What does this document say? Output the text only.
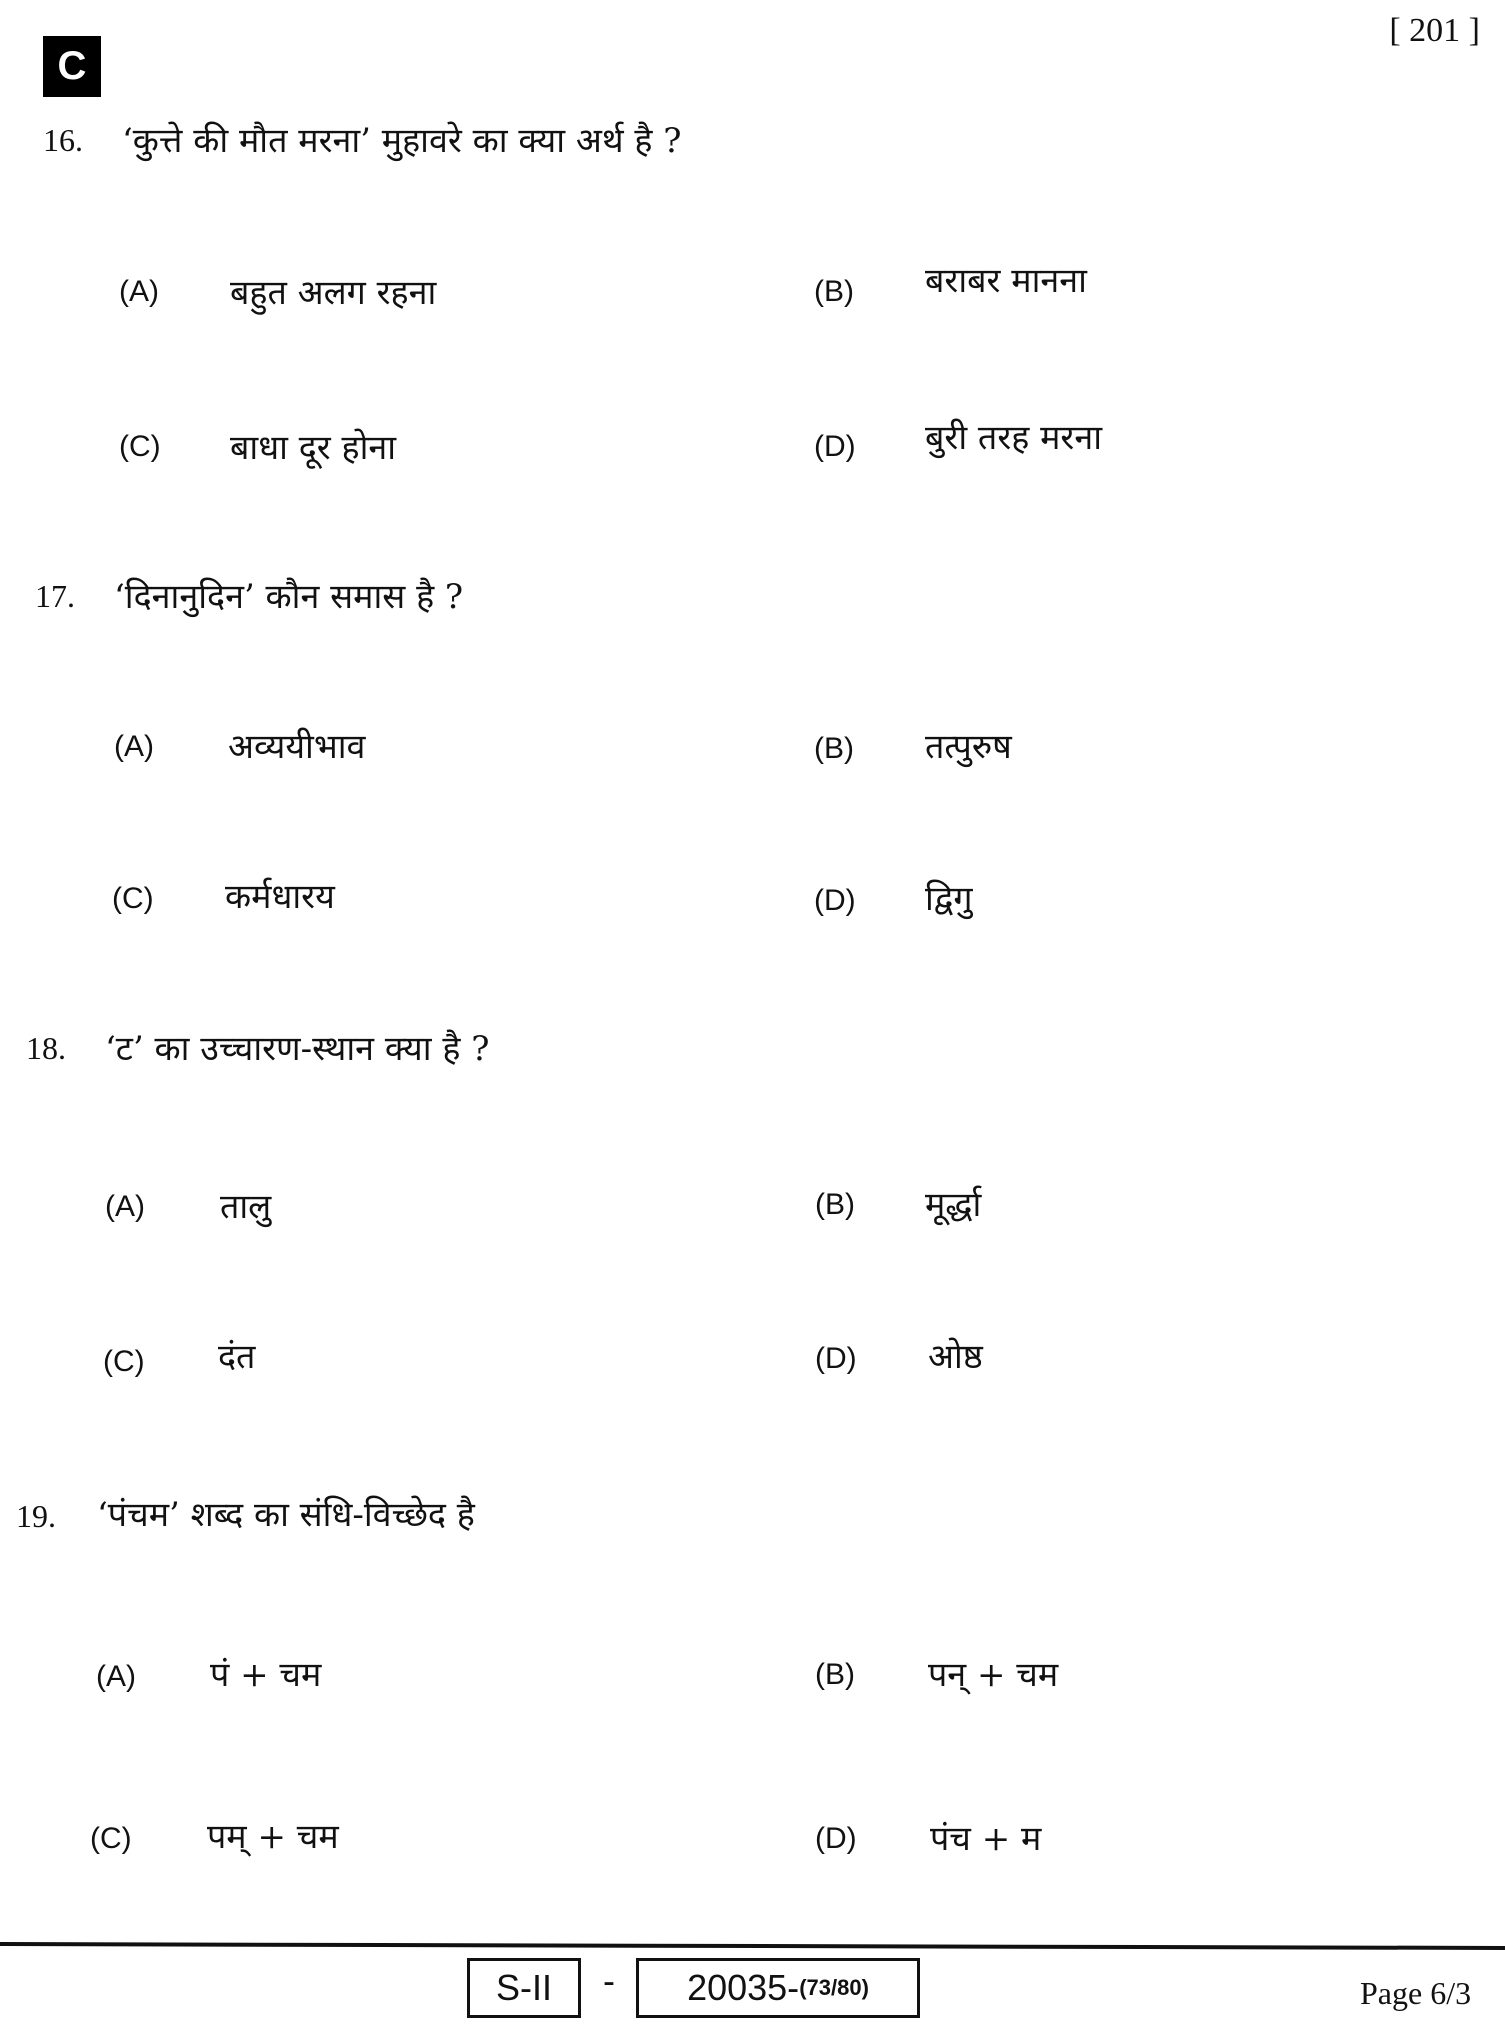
C
[ 201 ]
16. ‘कुत्ते की मौत मरना’ मुहावरे का क्या अर्थ है ?
(A) बहुत अलग रहना	(B) बराबर मानना
(C) बाधा दूर होना	(D) बुरी तरह मरना
17. ‘दिनानुदिन’ कौन समास है ?
(A) अव्ययीभाव	(B) तत्पुरुष
(C) कर्मधारय	(D) द्विगु
18. ‘ट’ का उच्चारण-स्थान क्या है ?
(A) तालु	(B) मूर्द्धा
(C) दंत	(D) ओष्ठ
19. ‘पंचम’ शब्द का संधि-विच्छेद है
(A) पं + चम	(B) पन् + चम
(C) पम् + चम	(D) पंच + म
S-II - 20035- (73/80)	Page 6/3
